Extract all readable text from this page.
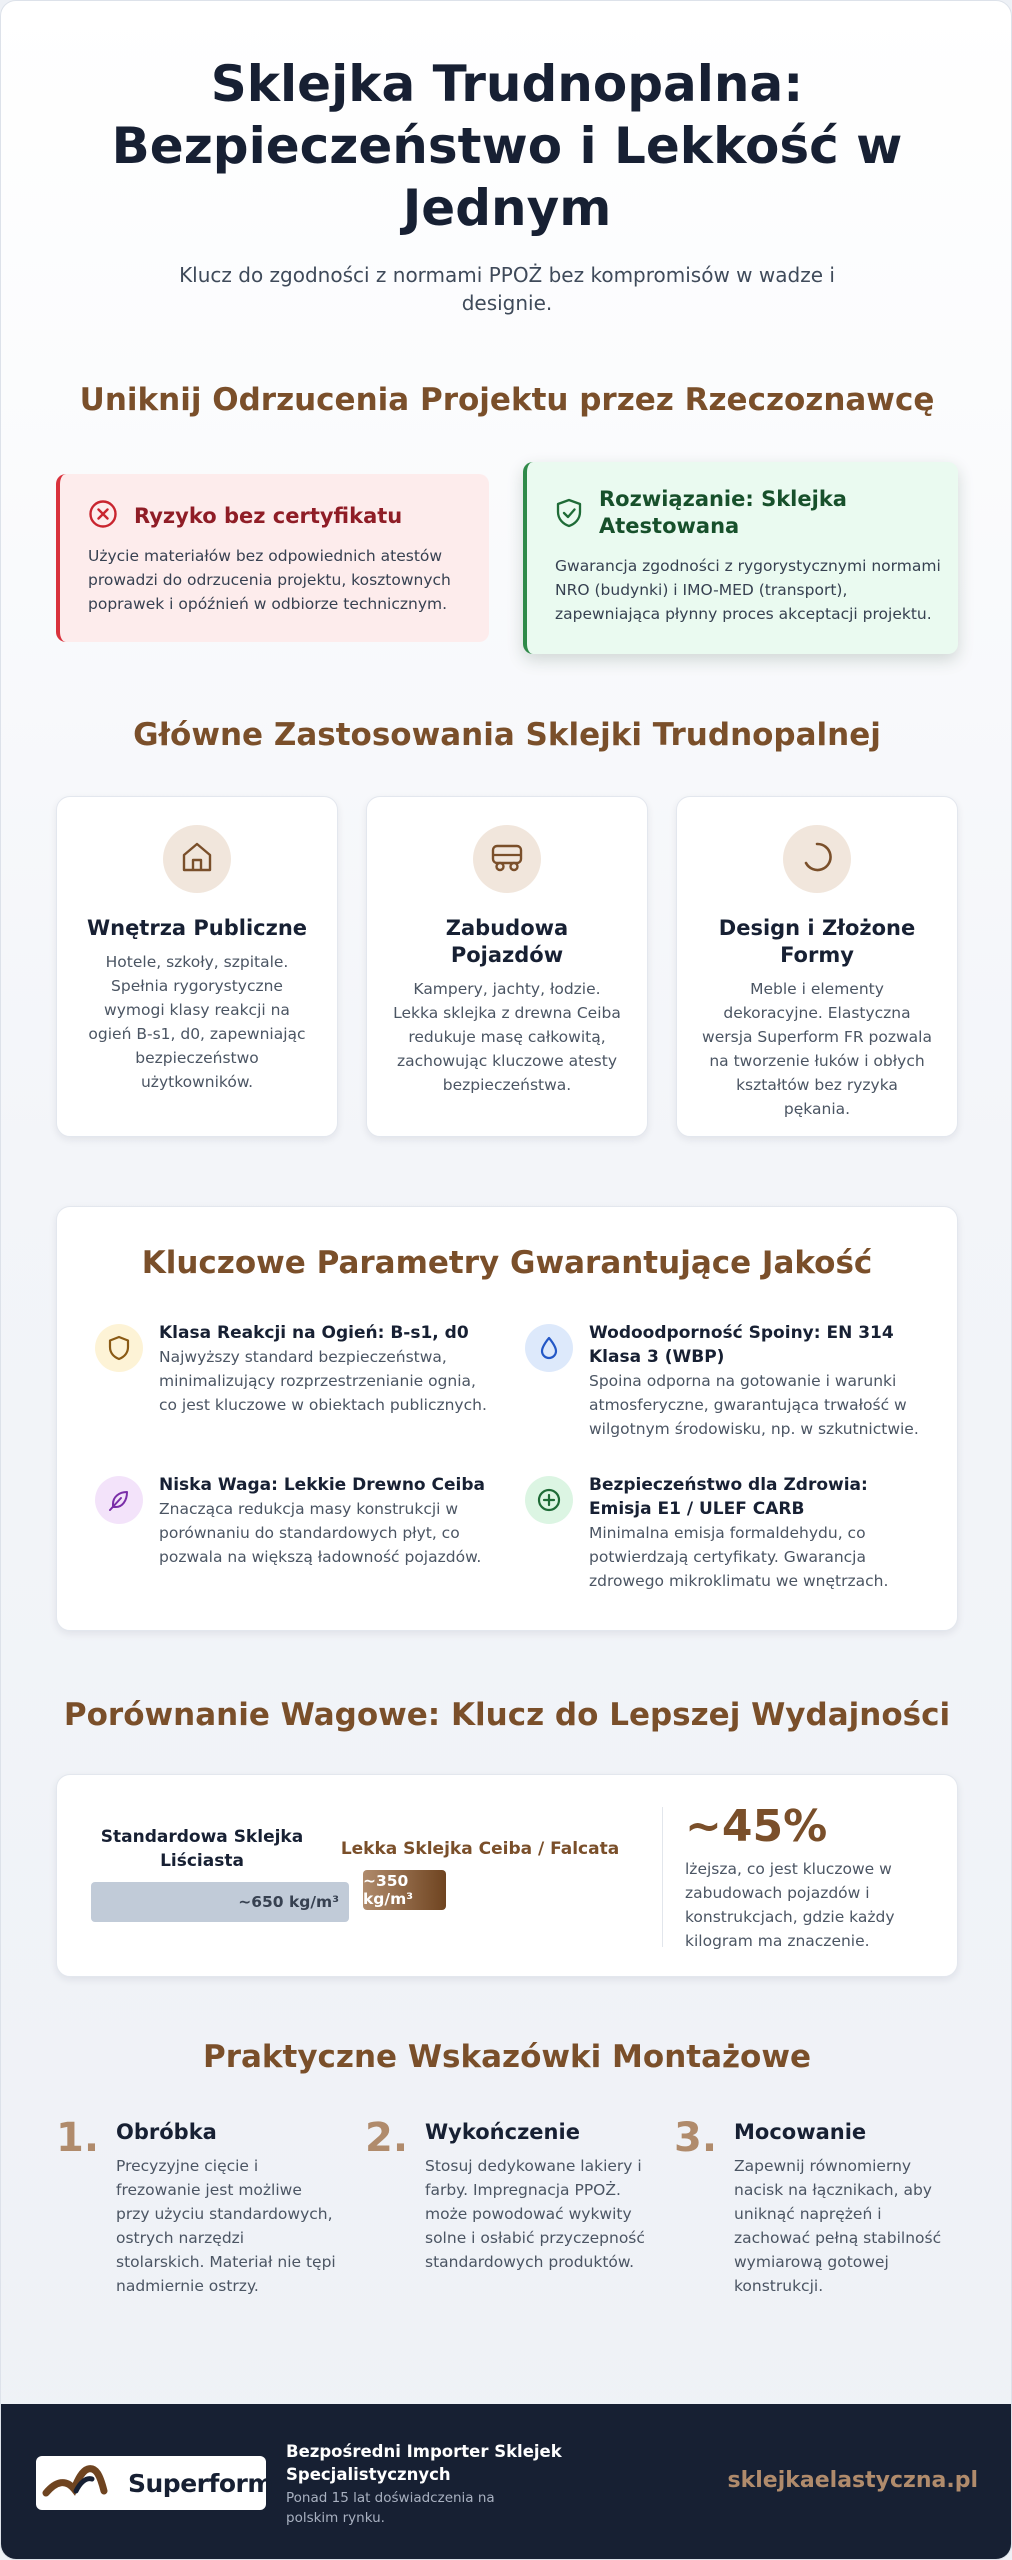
Sklejka Trudnopalna: Bezpieczeństwo i Lekkość w Jednym

Klucz do zgodności z normami PPOŻ bez kompromisów w wadze i designie.

Uniknij Odrzucenia Projektu przez Rzeczoznawcę
Ryzyko bez certyfikatu
Użycie materiałów bez odpowiednich atestów prowadzi do odrzucenia projektu, kosztownych poprawek i opóźnień w odbiorze technicznym.
Rozwiązanie: Sklejka Atestowana
Gwarancja zgodności z rygorystycznymi normami NRO (budynki) i IMO-MED (transport), zapewniająca płynny proces akceptacji projektu.
Główne Zastosowania Sklejki Trudnopalnej
Wnętrza Publiczne

Hotele, szkoły, szpitale. Spełnia rygorystyczne wymogi klasy reakcji na ogień B-s1, d0, zapewniając bezpieczeństwo użytkowników.

Zabudowa Pojazdów

Kampery, jachty, łodzie. Lekka sklejka z drewna Ceiba redukuje masę całkowitą, zachowując kluczowe atesty bezpieczeństwa.

Design i Złożone Formy

Meble i elementy dekoracyjne. Elastyczna wersja Superform FR pozwala na tworzenie łuków i obłych kształtów bez ryzyka pękania.

Kluczowe Parametry Gwarantujące Jakość
Klasa Reakcji na Ogień: B-s1, d0
Najwyższy standard bezpieczeństwa, minimalizujący rozprzestrzenianie ognia, co jest kluczowe w obiektach publicznych.
Wodoodporność Spoiny: EN 314 Klasa 3 (WBP)
Spoina odporna na gotowanie i warunki atmosferyczne, gwarantująca trwałość w wilgotnym środowisku, np. w szkutnictwie.
Niska Waga: Lekkie Drewno Ceiba
Znacząca redukcja masy konstrukcji w porównaniu do standardowych płyt, co pozwala na większą ładowność pojazdów.
Bezpieczeństwo dla Zdrowia: Emisja E1 / ULEF CARB
Minimalna emisja formaldehydu, co potwierdzają certyfikaty. Gwarancja zdrowego mikroklimatu we wnętrzach.
Porównanie Wagowe: Klucz do Lepszej Wydajności
Standardowa Sklejka Liściasta
~650 kg/m³
Lekka Sklejka Ceiba / Falcata
~350 kg/m³
~45%
lżejsza, co jest kluczowe w zabudowach pojazdów i konstrukcjach, gdzie każdy kilogram ma znaczenie.
Praktyczne Wskazówki Montażowe
1. Obróbka
Precyzyjne cięcie i frezowanie jest możliwe przy użyciu standardowych, ostrych narzędzi stolarskich. Materiał nie tępi nadmiernie ostrzy.
2. Wykończenie
Stosuj dedykowane lakiery i farby. Impregnacja PPOŻ. może powodować wykwity solne i osłabić przyczepność standardowych produktów.
3. Mocowanie
Zapewnij równomierny nacisk na łącznikach, aby uniknąć naprężeń i zachować pełną stabilność wymiarową gotowej konstrukcji.
Superform
Bezpośredni Importer Sklejek Specjalistycznych
Ponad 15 lat doświadczenia na polskim rynku.
sklejkaelastyczna.pl
